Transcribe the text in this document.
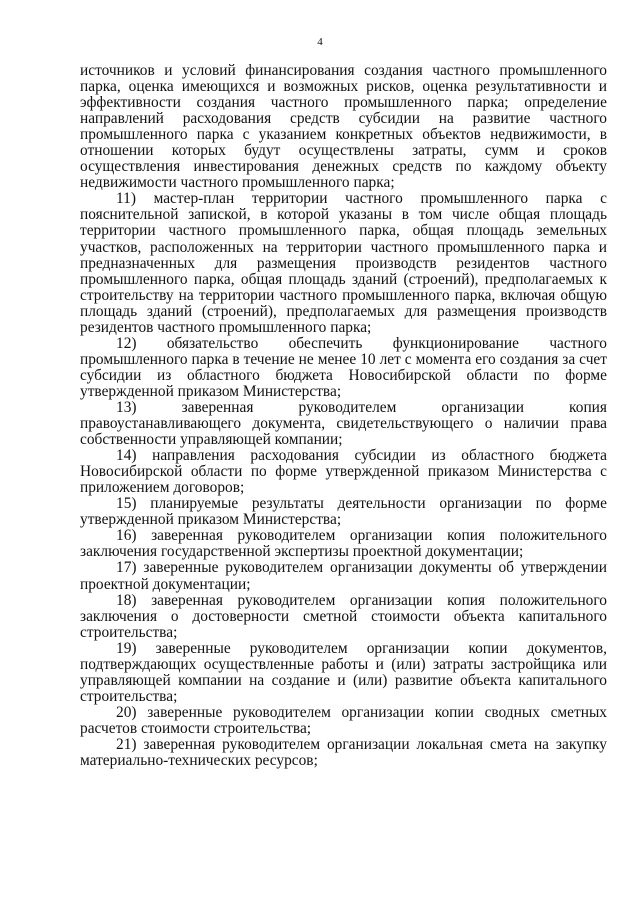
4

источников и условий финансирования создания частного промышленного парка, оценка имеющихся и возможных рисков, оценка результативности и эффективности создания частного промышленного парка; определение направлений расходования средств субсидии на развитие частного промышленного парка с указанием конкретных объектов недвижимости, в отношении которых будут осуществлены затраты, сумм и сроков осуществления инвестирования денежных средств по каждому объекту недвижимости частного промышленного парка;

11) мастер-план территории частного промышленного парка с пояснительной запиской, в которой указаны в том числе общая площадь территории частного промышленного парка, общая площадь земельных участков, расположенных на территории частного промышленного парка и предназначенных для размещения производств резидентов частного промышленного парка, общая площадь зданий (строений), предполагаемых к строительству на территории частного промышленного парка, включая общую площадь зданий (строений), предполагаемых для размещения производств резидентов частного промышленного парка;

12) обязательство обеспечить функционирование частного промышленного парка в течение не менее 10 лет с момента его создания за счет субсидии из областного бюджета Новосибирской области по форме утвержденной приказом Министерства;

13) заверенная руководителем организации копия правоустанавливающего документа, свидетельствующего о наличии права собственности управляющей компании;

14) направления расходования субсидии из областного бюджета Новосибирской области по форме утвержденной приказом Министерства с приложением договоров;

15) планируемые результаты деятельности организации по форме утвержденной приказом Министерства;

16) заверенная руководителем организации копия положительного заключения государственной экспертизы проектной документации;

17) заверенные руководителем организации документы об утверждении проектной документации;

18) заверенная руководителем организации копия положительного заключения о достоверности сметной стоимости объекта капитального строительства;

19) заверенные руководителем организации копии документов, подтверждающих осуществленные работы и (или) затраты застройщика или управляющей компании на создание и (или) развитие объекта капитального строительства;

20) заверенные руководителем организации копии сводных сметных расчетов стоимости строительства;

21) заверенная руководителем организации локальная смета на закупку материально-технических ресурсов;
